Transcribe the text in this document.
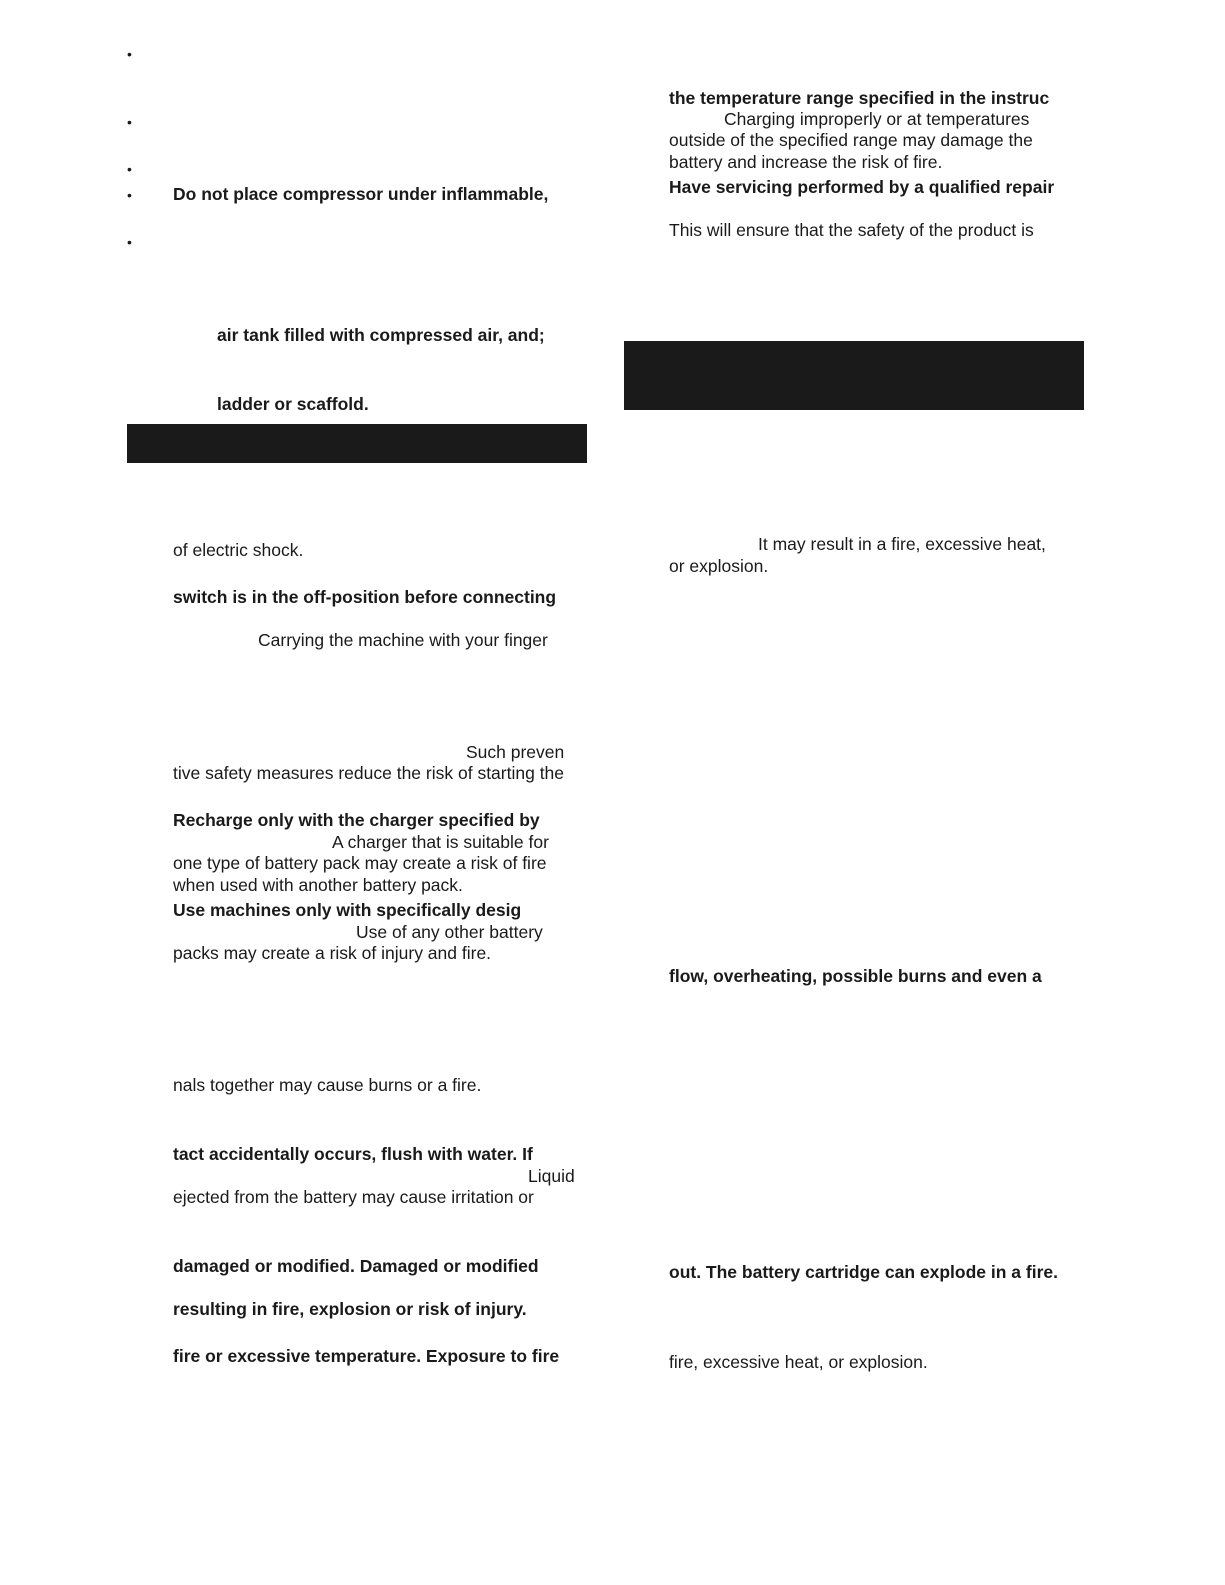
•
•
•
•
•
Do not place compressor under inflammable,
air tank filled with compressed air, and;
ladder or scaffold.
of electric shock.
switch is in the off-position before connecting
Carrying the machine with your finger
Such preven
tive safety measures reduce the risk of starting the
Recharge only with the charger specified by
A charger that is suitable for
one type of battery pack may create a risk of fire
when used with another battery pack.
Use machines only with specifically desig
Use of any other battery
packs may create a risk of injury and fire.
nals together may cause burns or a fire.
tact accidentally occurs, flush with water. If
Liquid
ejected from the battery may cause irritation or
damaged or modified. Damaged or modified
resulting in fire, explosion or risk of injury.
fire or excessive temperature. Exposure to fire
the temperature range specified in the instruc
Charging improperly or at temperatures
outside of the specified range may damage the
battery and increase the risk of fire.
Have servicing performed by a qualified repair
This will ensure that the safety of the product is
It may result in a fire, excessive heat,
or explosion.
flow, overheating, possible burns and even a
out. The battery cartridge can explode in a fire.
fire, excessive heat, or explosion.
